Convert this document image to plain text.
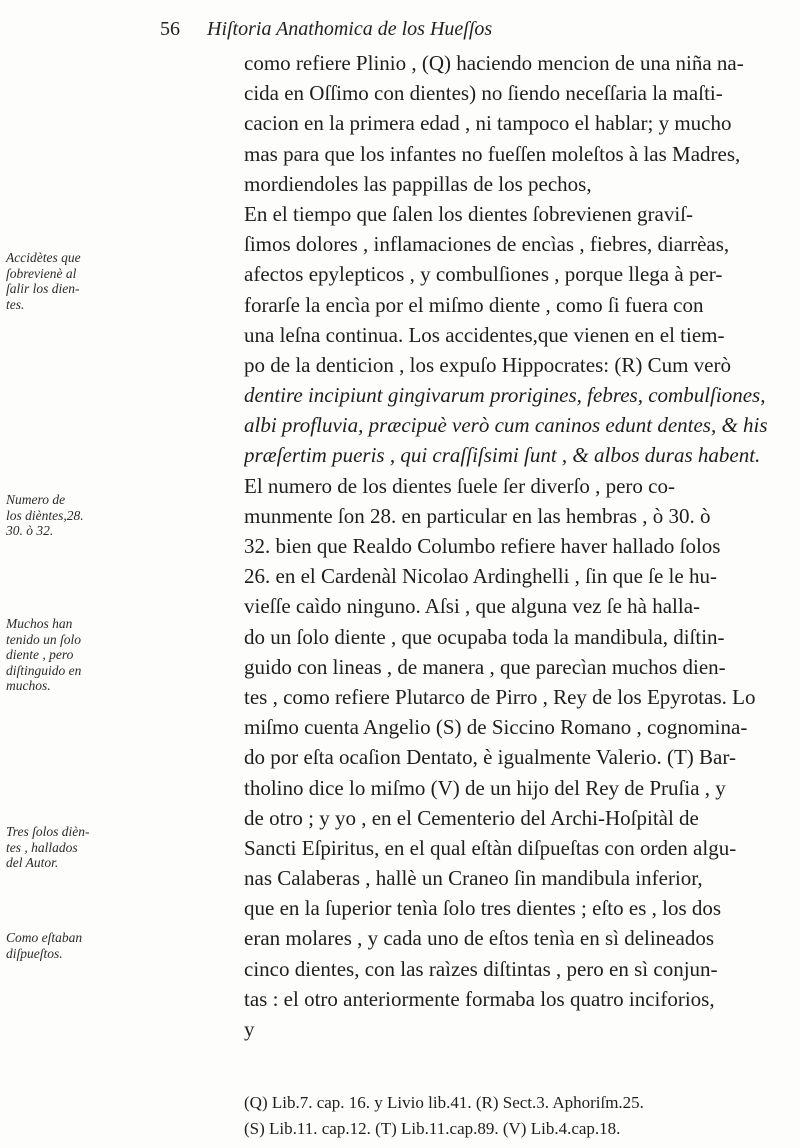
56 Hiſtoria Anathomica de los Hueſſos
Accidètes que
ſobrevienè al
ſalir los dien-
tes.
Numero de
los dièntes,28.
30. ò 32.
Muchos han
tenido un ſolo
diente , pero
diſtinguido en
muchos.
Tres ſolos dièn-
tes , hallados
del Autor.
Como eſtaban
diſpueſtos.
como refiere Plinio , (Q) haciendo mencion de una niña na-
cida en Oſſimo con dientes) no ſiendo neceſſaria la maſti-
cacion en la primera edad , ni tampoco el hablar; y mucho
mas para que los infantes no fueſſen moleſtos à las Madres,
mordiendoles las pappillas de los pechos,
En el tiempo que ſalen los dientes ſobrevienen graviſ-
ſimos dolores , inflamaciones de encìas , fiebres, diarrèas,
afectos epylepticos , y combulſiones , porque llega à per-
forarſe la encìa por el miſmo diente , como ſi fuera con
una leſna continua. Los accidentes,que vienen en el tiem-
po de la denticion , los expuſo Hippocrates: (R) Cum verò
dentire incipiunt gingivarum prorigines, febres, combulſiones,
albi profluvia, præcipuè verò cum caninos edunt dentes, & his
præſertim pueris , qui craſſiſsimi ſunt , & albos duras habent.
El numero de los dientes ſuele ſer diverſo , pero co-
munmente ſon 28. en particular en las hembras , ò 30. ò
32. bien que Realdo Columbo refiere haver hallado ſolos
26. en el Cardenàl Nicolao Ardinghelli , ſin que ſe le hu-
vieſſe caìdo ninguno. Aſsi , que alguna vez ſe hà halla-
do un ſolo diente , que ocupaba toda la mandibula, diſtin-
guido con lineas , de manera , que parecìan muchos dien-
tes , como refiere Plutarco de Pirro , Rey de los Epyrotas. Lo
miſmo cuenta Angelio (S) de Siccino Romano , cognomina-
do por eſta ocaſion Dentato, è igualmente Valerio. (T) Bar-
tholino dice lo miſmo (V) de un hijo del Rey de Pruſia , y
de otro ; y yo , en el Cementerio del Archi-Hoſpitàl de
Sancti Eſpiritus, en el qual eſtàn diſpueſtas con orden algu-
nas Calaberas , hallè un Craneo ſin mandibula inferior,
que en la ſuperior tenìa ſolo tres dientes ; eſto es , los dos
eran molares , y cada uno de eſtos tenìa en sì delineados
cinco dientes, con las raìzes diſtintas , pero en sì conjun-
tas : el otro anteriormente formaba los quatro inciforios,
y
(Q) Lib.7. cap. 16. y Livio lib.41. (R) Sect.3. Aphoriſm.25.
(S) Lib.11. cap.12. (T) Lib.11.cap.89. (V) Lib.4.cap.18.
